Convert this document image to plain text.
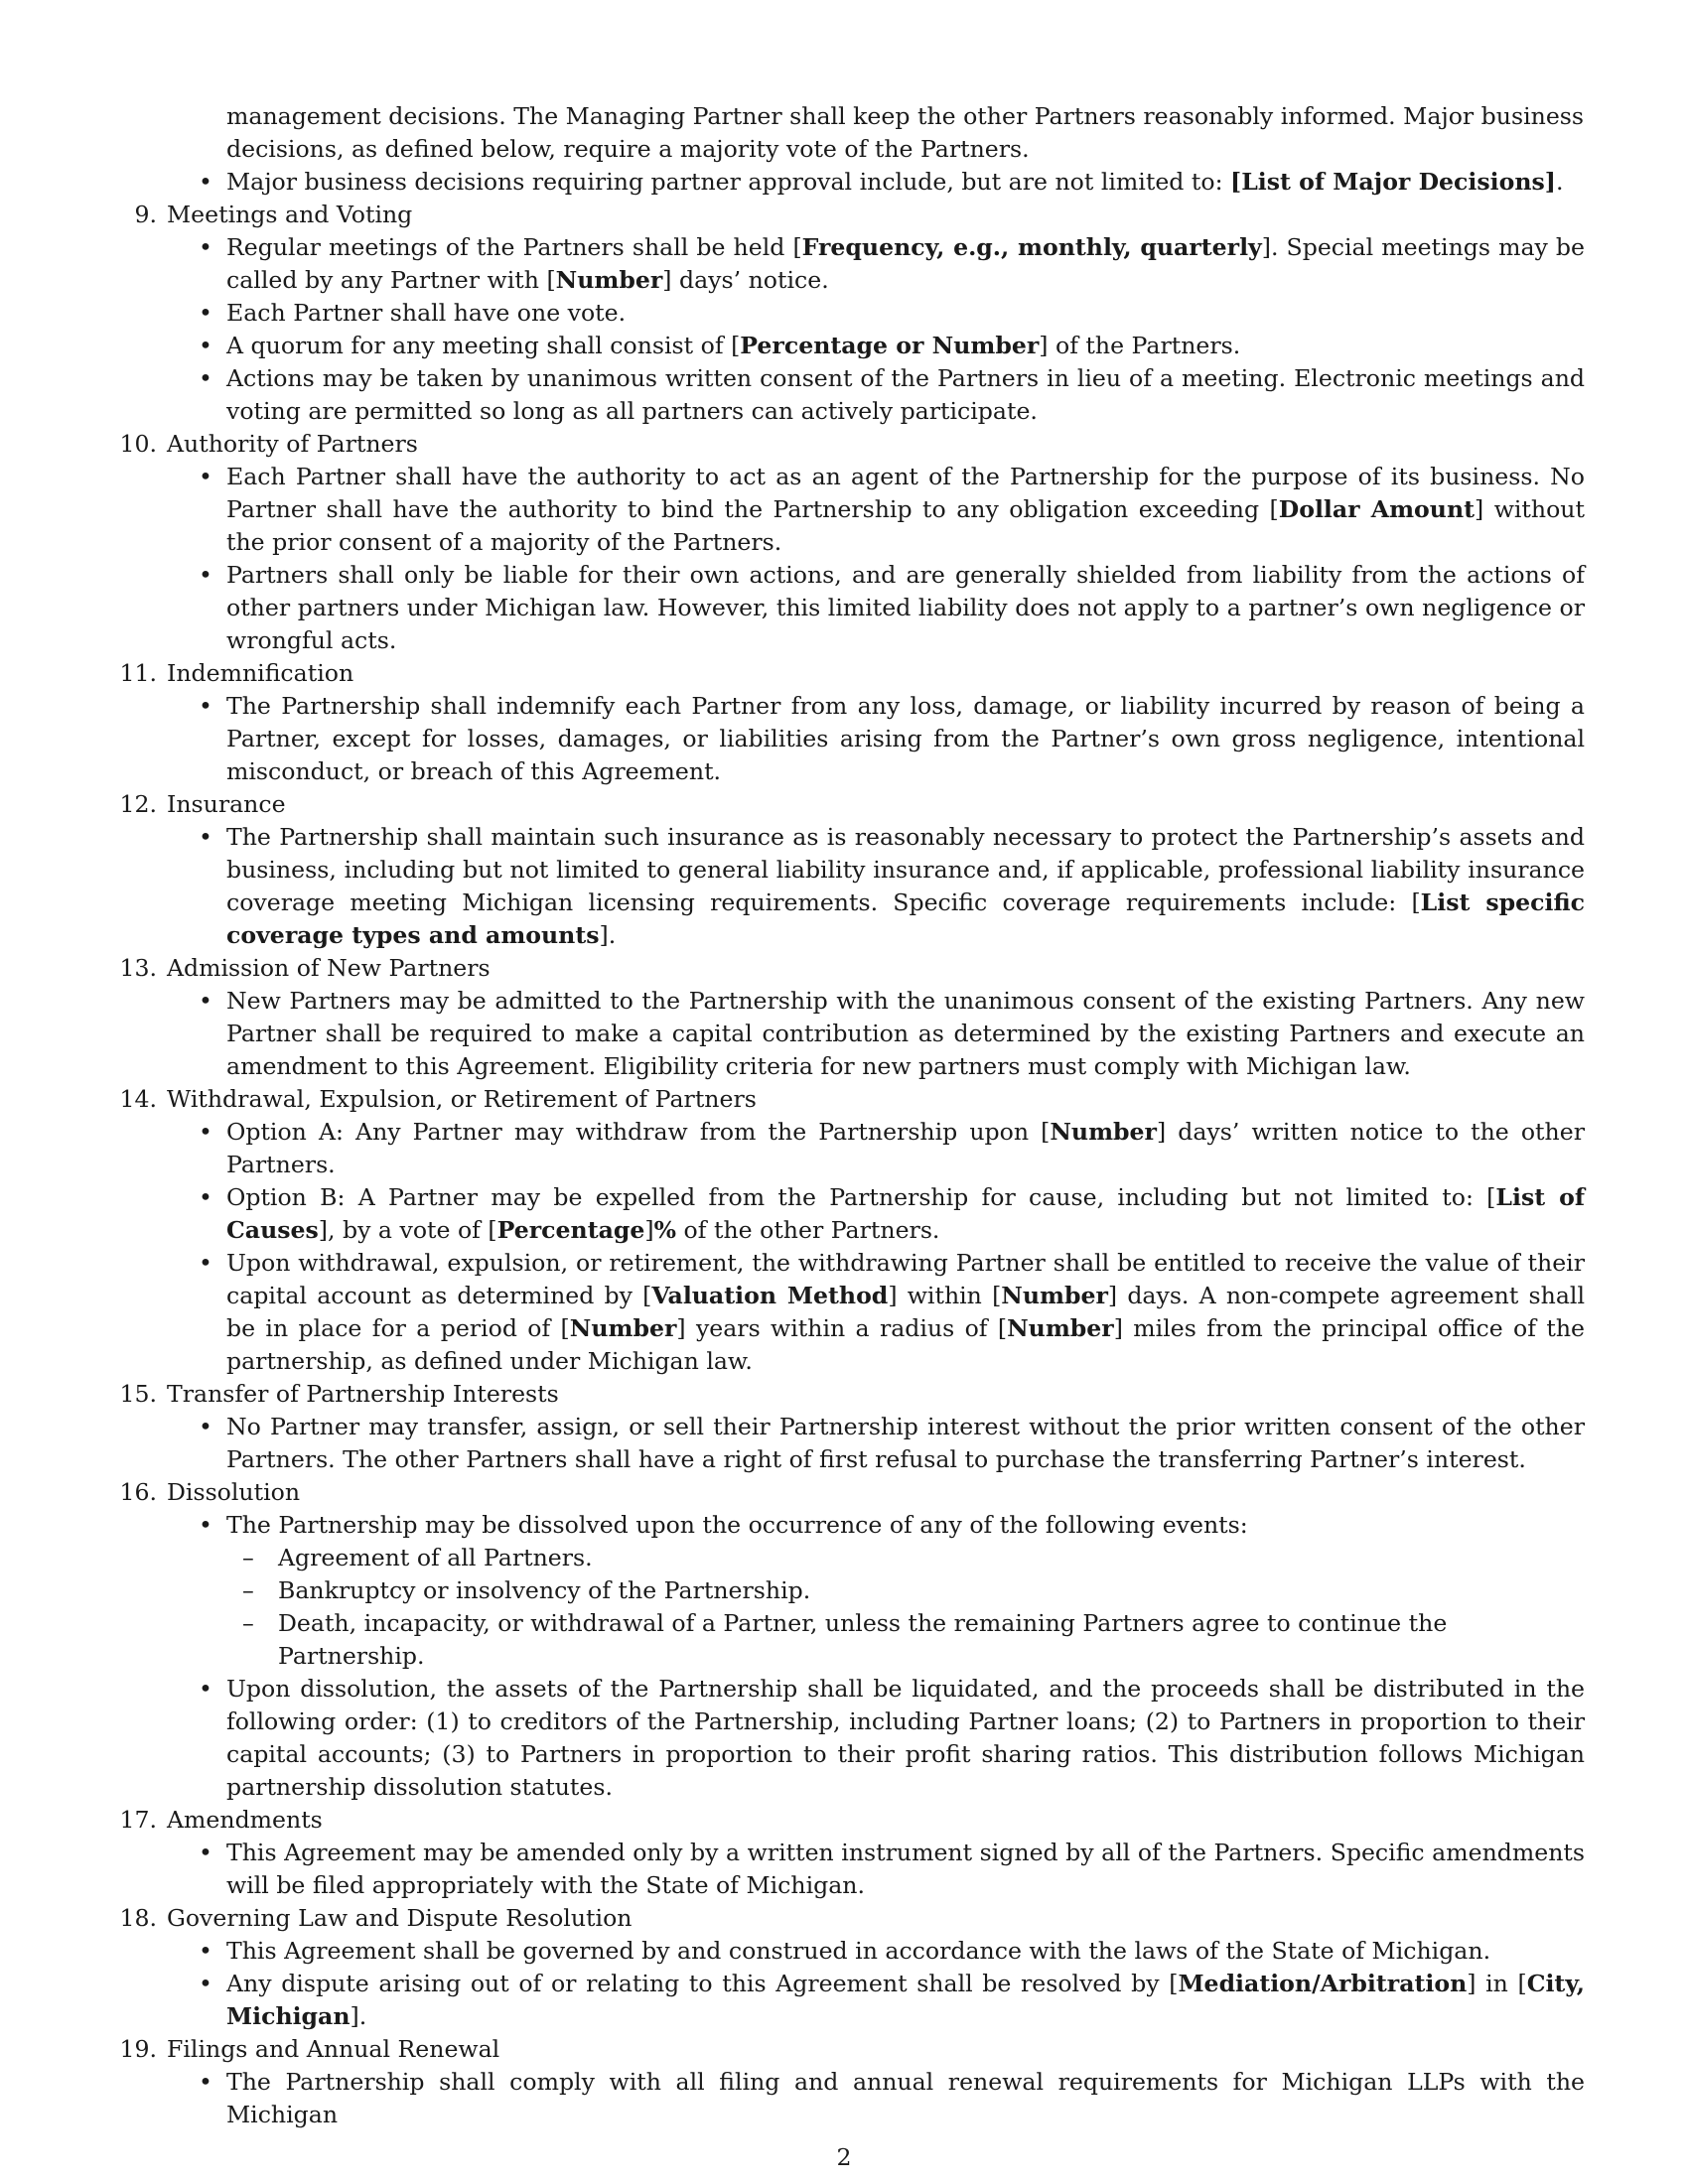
management decisions. The Managing Partner shall keep the other Partners reasonably informed. Major business decisions, as defined below, require a majority vote of the Partners.

• Major business decisions requiring partner approval include, but are not limited to: [List of Major Decisions].
9. Meetings and Voting
• Regular meetings of the Partners shall be held [Frequency, e.g., monthly, quarterly]. Special meetings may be called by any Partner with [Number] days’ notice.
• Each Partner shall have one vote.
• A quorum for any meeting shall consist of [Percentage or Number] of the Partners.
• Actions may be taken by unanimous written consent of the Partners in lieu of a meeting. Electronic meetings and voting are permitted so long as all partners can actively participate.
10. Authority of Partners
• Each Partner shall have the authority to act as an agent of the Partnership for the purpose of its business. No Partner shall have the authority to bind the Partnership to any obligation exceeding [Dollar Amount] without the prior consent of a majority of the Partners.
• Partners shall only be liable for their own actions, and are generally shielded from liability from the actions of other partners under Michigan law. However, this limited liability does not apply to a partner’s own negligence or wrongful acts.
11. Indemnification
• The Partnership shall indemnify each Partner from any loss, damage, or liability incurred by reason of being a Partner, except for losses, damages, or liabilities arising from the Partner’s own gross negligence, intentional misconduct, or breach of this Agreement.
12. Insurance
• The Partnership shall maintain such insurance as is reasonably necessary to protect the Partnership’s assets and business, including but not limited to general liability insurance and, if applicable, professional liability insurance coverage meeting Michigan licensing requirements. Specific coverage requirements include: [List specific coverage types and amounts].
13. Admission of New Partners
• New Partners may be admitted to the Partnership with the unanimous consent of the existing Partners. Any new Partner shall be required to make a capital contribution as determined by the existing Partners and execute an amendment to this Agreement. Eligibility criteria for new partners must comply with Michigan law.
14. Withdrawal, Expulsion, or Retirement of Partners
• Option A: Any Partner may withdraw from the Partnership upon [Number] days’ written notice to the other Partners.
• Option B: A Partner may be expelled from the Partnership for cause, including but not limited to: [List of Causes], by a vote of [Percentage]% of the other Partners.
• Upon withdrawal, expulsion, or retirement, the withdrawing Partner shall be entitled to receive the value of their capital account as determined by [Valuation Method] within [Number] days. A non-compete agreement shall be in place for a period of [Number] years within a radius of [Number] miles from the principal office of the partnership, as defined under Michigan law.
15. Transfer of Partnership Interests
• No Partner may transfer, assign, or sell their Partnership interest without the prior written consent of the other Partners. The other Partners shall have a right of first refusal to purchase the transferring Partner’s interest.
16. Dissolution
• The Partnership may be dissolved upon the occurrence of any of the following events:
– Agreement of all Partners.
– Bankruptcy or insolvency of the Partnership.
– Death, incapacity, or withdrawal of a Partner, unless the remaining Partners agree to continue the Partnership.
• Upon dissolution, the assets of the Partnership shall be liquidated, and the proceeds shall be distributed in the following order: (1) to creditors of the Partnership, including Partner loans; (2) to Partners in proportion to their capital accounts; (3) to Partners in proportion to their profit sharing ratios. This distribution follows Michigan partnership dissolution statutes.
17. Amendments
• This Agreement may be amended only by a written instrument signed by all of the Partners. Specific amendments will be filed appropriately with the State of Michigan.
18. Governing Law and Dispute Resolution
• This Agreement shall be governed by and construed in accordance with the laws of the State of Michigan.
• Any dispute arising out of or relating to this Agreement shall be resolved by [Mediation/Arbitration] in [City, Michigan].
19. Filings and Annual Renewal
• The Partnership shall comply with all filing and annual renewal requirements for Michigan LLPs with the Michigan
2
